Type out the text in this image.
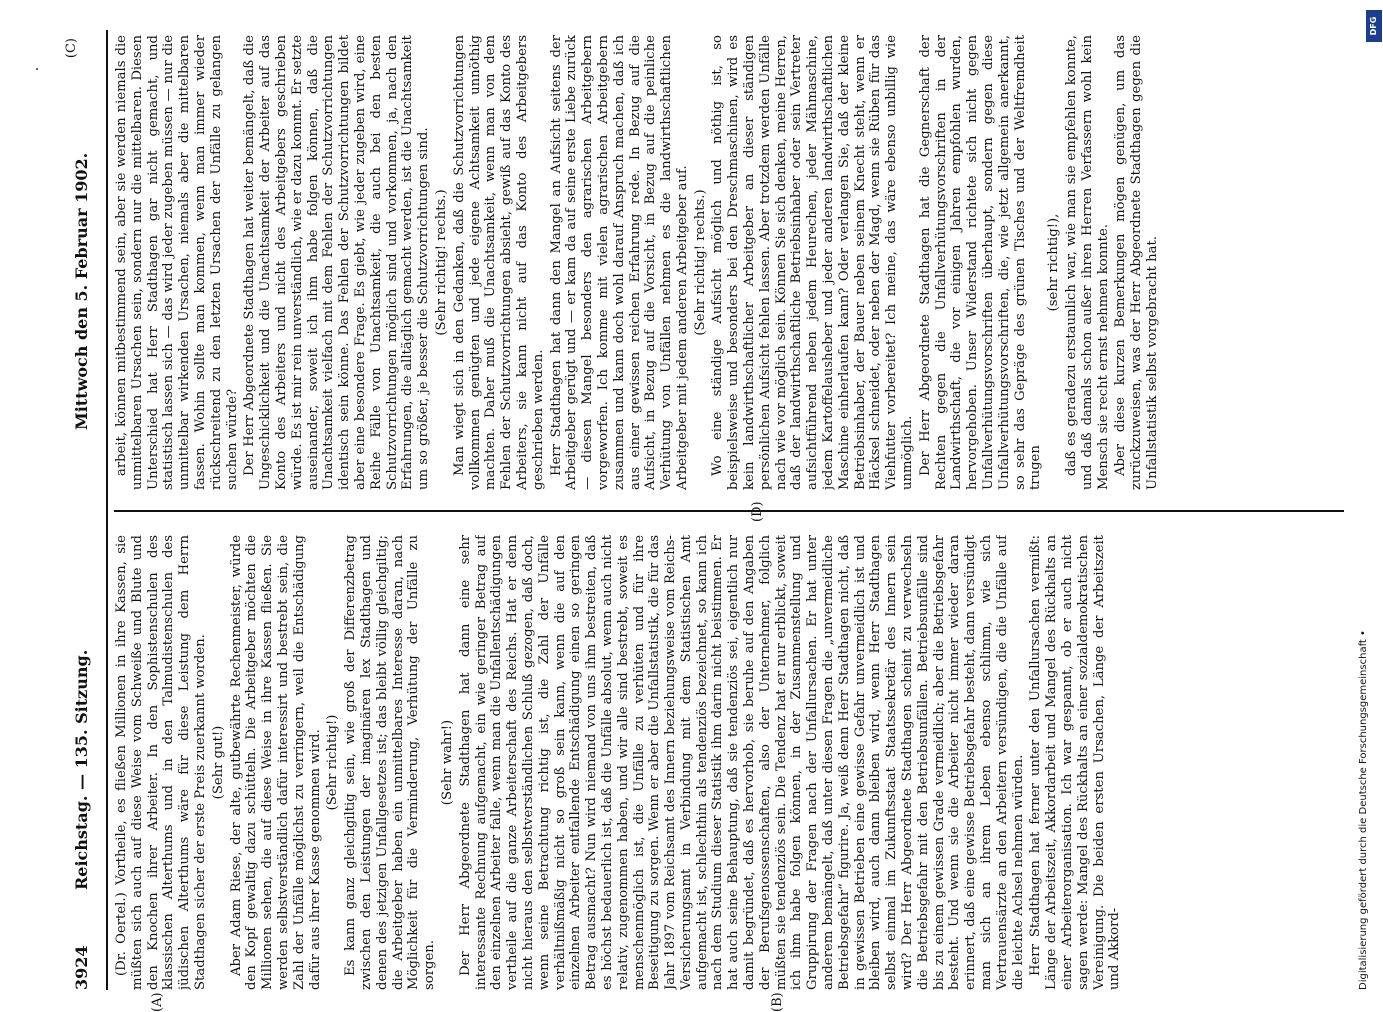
3924
Reichstag. — 135. Sitzung.
Mittwoch den 5. Februar 1902.
(C)
(A)	(B)

(Dr. Oertel.) Vortheile, es fließen Millionen in ihre Kassen, sie müßten sich auch auf diese Weise vom Schweiße und Blute und den Knochen ihrer Arbeiter. In den Sophistenschulen des klassischen Alterthums und in den Talmudistenschulen des jüdischen Alterthums wäre für diese Leistung dem Herrn Stadthagen sicher der erste Preis zuerkannt worden. (Sehr gut!) Aber Adam Riese, der alte, gutbewährte Rechenmeister, würde den Kopf gewaltig dazu schütteln. Die Arbeitgeber möchten die Millionen sehen, die auf diese Weise in ihre Kassen fließen. Sie werden selbstverständlich dafür interessirt und bestrebt sein, die Zahl der Unfälle möglichst zu verringern, weil die Entschädigung dafür aus ihrer Kasse genommen wird. (Sehr richtig!) Es kann ganz gleichgiltig sein, wie groß der Differenzbetrag zwischen den Leistungen der imaginären lex Stadthagen und denen des jetzigen Unfallgesetzes ist; das bleibt völlig gleichgiltig; die Arbeitgeber haben ein unmittelbares Interesse daran, nach Möglichkeit für die Verminderung, Verhütung der Unfälle zu sorgen.

(Sehr wahr!) Der Herr Abgeordnete Stadthagen hat dann eine sehr interessante Rechnung aufgemacht, ein wie geringer Betrag auf den einzelnen Arbeiter falle, wenn man die Unfallentschädigungen vertheile auf die ganze Arbeiterschaft des Reichs. Hat er denn nicht hieraus den selbstverständlichen Schluß gezogen, daß doch, wenn seine Betrachtung richtig ist, die Zahl der Unfälle verhältnißmäßig nicht so groß sein kann, wenn die auf den einzelnen Arbeiter entfallende Entschädigung einen so geringen Betrag ausmacht? Nun wird niemand von uns ihm bestreiten, daß es höchst bedauerlich ist, daß die Unfälle absolut, wenn auch nicht relativ, zugenommen haben, und wir alle sind bestrebt, soweit es menschenmöglich ist, die Unfälle zu verhüten und für ihre Beseitigung zu sorgen. Wenn er aber die Unfallstatistik, die für das Jahr 1897 vom Reichsamt des Innern beziehungsweise vom Reichs-Versicherungsamt in Verbindung mit dem Statistischen Amt aufgemacht ist, schlechthin als tendenziös bezeichnet, so kann ich nach dem Studium dieser Statistik ihm darin nicht beistimmen. Er hat auch seine Behauptung, daß sie tendenziös sei, eigentlich nur damit begründet, daß es hervorhob, sie beruhe auf den Angaben der Berufsgenossenschaften, also der Unternehmer, folglich müßten sie tendenziös sein. Die Tendenz hat er nur erblickt, soweit ich ihm habe folgen können, in der Zusammenstellung und Gruppirung der Fragen nach der Unfallursachen. Er hat unter anderem bemängelt, daß unter diesen Fragen die „unvermeidliche Betriebsgefahr“ figurire. Ja, weiß denn Herr Stadthagen nicht, daß in gewissen Betrieben eine gewisse Gefahr unvermeidlich ist und bleiben wird, auch dann bleiben wird, wenn Herr Stadthagen selbst einmal im Zukunftsstaat Staatssekretär des Innern sein wird? Der Herr Abgeordnete Stadthagen scheint zu verwechseln die Betriebsgefahr mit den Betriebsunfällen. Betriebsunfälle sind bis zu einem gewissen Grade vermeidlich; aber die Betriebsgefahr besteht. Und wenn sie die Arbeiter nicht immer wieder daran erinnert, daß eine gewisse Betriebsgefahr besteht, dann versündigt man sich an ihrem Leben ebenso schlimm, wie sich Vertrauensärzte an den Arbeitern versündigen, die die Unfälle auf die leichte Achsel nehmen würden. Herr Stadthagen hat ferner unter den Unfallursachen vermißt: Länge der Arbeitszeit, Akkordarbeit und Mangel des Rückhalts an einer Arbeiterorganisation. Ich war gespannt, ob er auch nicht sagen werde: Mangel des Rückhalts an einer sozialdemokratischen Vereinigung. Die beiden ersten Ursachen, Länge der Arbeitszeit und Akkord-

arbeit, können mitbestimmend sein, aber sie werden niemals die unmittelbaren Ursachen sein, sondern nur die mittelbaren. Diesen Unterschied hat Herr Stadthagen gar nicht gemacht, und statistisch lassen sich — das wird jeder zugeben müssen — nur die unmittelbar wirkenden Ursachen, niemals aber die mittelbaren fassen. Wohin sollte man kommen, wenn man immer wieder rückschreitend zu den letzten Ursachen der Unfälle zu gelangen suchen würde? Der Herr Abgeordnete Stadthagen hat weiter bemängelt, daß die Ungeschicklichkeit und die Unachtsamkeit der Arbeiter auf das Konto des Arbeiters und nicht des Arbeitgebers geschrieben würde. Es ist mir rein unverständlich, wie er dazu kommt. Er setzte auseinander, soweit ich ihm habe folgen können, daß die Unachtsamkeit vielfach mit dem Fehlen der Schutzvorrichtungen identisch sein könne. Das Fehlen der Schutzvorrichtungen bildet aber eine besondere Frage. Es giebt, wie jeder zugeben wird, eine Reihe Fälle von Unachtsamkeit, die auch bei den besten Schutzvorrichtungen möglich sind und vorkommen, ja, nach den Erfahrungen, die alltäglich gemacht werden, ist die Unachtsamkeit um so größer, je besser die Schutzvorrichtungen sind. (Sehr richtig! rechts.) Man wiegt sich in den Gedanken, daß die Schutzvorrichtungen vollkommen genügten und jede eigene Achtsamkeit unnöthig machten. Daher muß die Unachtsamkeit, wenn man von dem Fehlen der Schutzvorrichtungen absieht, gewiß auf das Konto des Arbeiters, sie kann nicht auf das Konto des Arbeitgebers geschrieben werden. Herr Stadthagen hat dann den Mangel an Aufsicht seitens der Arbeitgeber gerügt und — er kam da auf seine erste Liebe zurück — diesen Mangel besonders den agrarischen Arbeitgebern vorgeworfen. Ich komme mit vielen agrarischen Arbeitgebern zusammen und kann doch wohl darauf Anspruch machen, daß ich aus einer gewissen reichen Erfahrung rede. In Bezug auf die Aufsicht, in Bezug auf die Vorsicht, in Bezug auf die peinliche Verhütung von Unfällen nehmen es die landwirthschaftlichen Arbeitgeber mit jedem anderen Arbeitgeber auf. (Sehr richtig! rechts.) Wo eine ständige Aufsicht möglich und nöthig ist, so beispielsweise und besonders bei den Dreschmaschinen, wird es kein landwirthschaftlicher Arbeitgeber an dieser ständigen persönlichen Aufsicht fehlen lassen. Aber trotzdem werden Unfälle nach wie vor möglich sein. Können Sie sich denken, meine Herren, daß der landwirthschaftliche Betriebsinhaber oder sein Vertreter aufsichtführend neben jedem Heurechen, jeder Mähmaschine, jedem Kartoffelausheber und jeder anderen landwirthschaftlichen Maschine einherlaufen kann? Oder verlangen Sie, daß der kleine Betriebsinhaber, der Bauer neben seinem Knecht steht, wenn er Häcksel schneidet, oder neben der Magd, wenn sie Rüben für das Viehfutter vorbereitet? Ich meine, das wäre ebenso unbillig wie unmöglich. Der Herr Abgeordnete Stadthagen hat die Gegnerschaft der Rechten gegen die Unfallverhütungsvorschriften in der Landwirthschaft, die vor einigen Jahren empfohlen wurden, hervorgehoben. Unser Widerstand richtete sich nicht gegen Unfallverhütungsvorschriften überhaupt, sondern gegen diese Unfallverhütungsvorschriften, die, wie jetzt allgemein anerkannt, so sehr das Gepräge des grünen Tisches und der Weltfremdheit trugen

(sehr richtig!), daß es geradezu erstaunlich war, wie man sie empfehlen konnte, und daß damals schon außer ihren Herren Verfassern wohl kein Mensch sie recht ernst nehmen konnte. Aber diese kurzen Bemerkungen mögen genügen, um das zurückzuweisen, was der Herr Abgeordnete Stadthagen gegen die Unfallstatistik selbst vorgebracht hat.

Digitalisierung gefördert durch die Deutsche Forschungsgemeinschaft •
DFG
